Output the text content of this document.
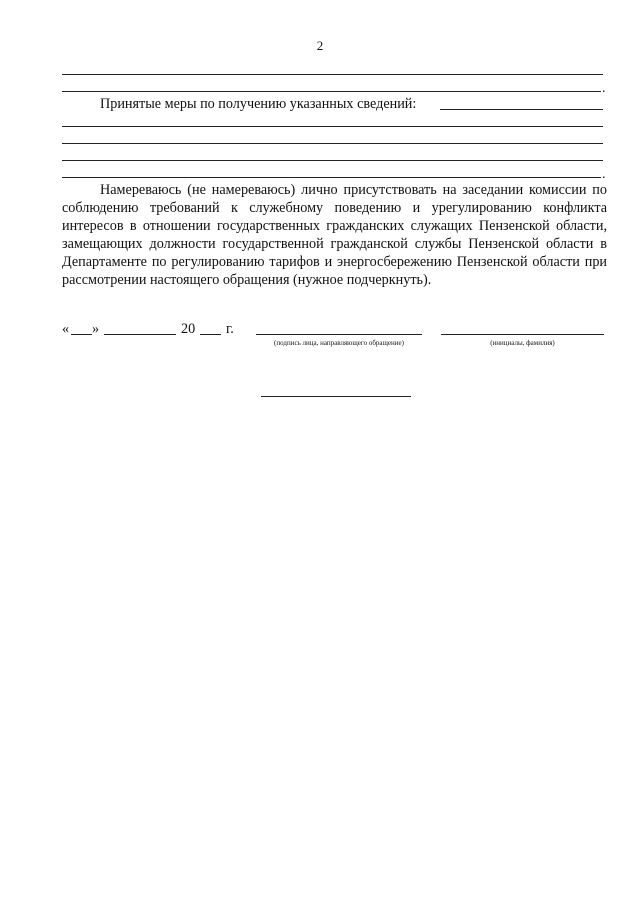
2
.
Принятые меры по получению указанных сведений:
.
Намереваюсь (не намереваюсь) лично присутствовать на заседании комиссии по соблюдению требований к служебному поведению и урегулированию конфликта интересов в отношении государственных гражданских служащих Пензенской области, замещающих должности государственной гражданской службы Пензенской области в Департаменте по регулированию тарифов и энергосбережению Пензенской области при рассмотрении настоящего обращения (нужное подчеркнуть).
« »	20 г.
(подпись лица, направляющего обращение)	(инициалы, фамилия)
